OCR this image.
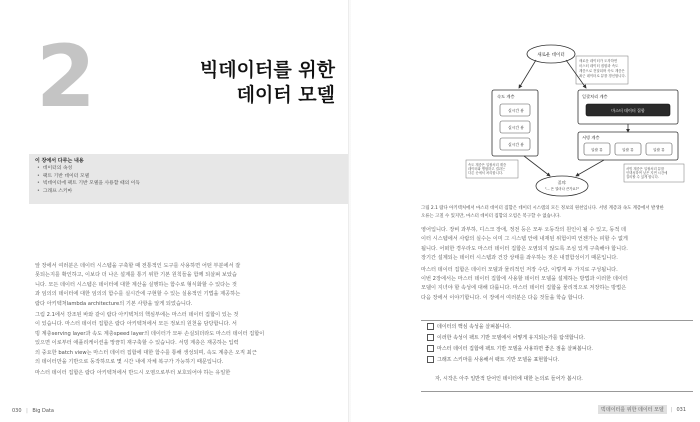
2	빅데이터를 위한
데이터 모델
이 장에서 다루는 내용
• 데이터의 속성
• 팩트 기반 데이터 모델
• 빅데이터에 팩트 기반 모델을 사용할 때의 이득
• 그래프 스키마

앞 장에서 여러분은 데이터 시스템을 구축할 때 전통적인 도구를 사용하면 어떤 부분에서 잘

못되는지를 확인하고, 이보다 더 나은 설계를 통기 위한 기본 원칙들을 함께 되살펴 보았습

니다. 모든 데이터 시스템은 데이터에 대한 계산을 실행하는 함수로 형식화할 수 있다는 것

과 임의의 데이터에 대한 임의의 함수를 실시간에 구현할 수 있는 실용적인 기법을 제공하는

람다 아키텍처lambda architecture의 기본 사항을 알게 되었습니다.

그림 2.1에서 강조된 바와 같이 람다 아키텍처의 핵심부에는 마스터 데이터 집합이 있는 것

이 있습니다. 마스터 데이터 집합은 람다 아키텍처에서 모든 정보의 원천을 담당합니다. 서

빙 계층serving layer과 속도 계층speed layer의 데이터가 모두 손실되더라도 마스터 데이터 집합이

있으면 이로부터 애플리케이션을 망끔히 재구축할 수 있습니다. 서빙 계층은 재공하는 입력

의 중요한 batch view는 마스터 데이터 집합에 대한 함수를 통해 생성되며, 속도 계층은 오직 최근

의 데이터만을 기반으로 동작하므로 몇 시간 내에 자체 복구가 가능하기 때문입니다.

마스터 데이터 집합은 람다 아키텍처에서 반드시 오염으로부터 보호되어야 하는 유일한

030 | Big Data
새로운 데이터
새로운 데이터가 도착하면
마스터 데이터 집합과 속도
계층으로 전달되며 속도 계층은
최근 데이터로 뷰를 갱신합니다.
속도 계층
실시간 뷰
실시간 뷰
실시간 뷰
일괄처리 계층
마스터 데이터 집합
서빙 계층
일괄 뷰	일괄 뷰	일괄 뷰
속도 계층은 일괄처리 계층
데이터와 병합하고 결과는
다른 곳에서 처리합니다.
서빙 계층은 일괄처리 뷰를
인덱싱하여 낮은 지연 시간에
질의할 수 있게 합니다.
질의:
"... 은 얼마나 큰가요?"

그림 2.1 람다 아키텍처에서 마스터 데이터 집합은 데이터 시스템의 모든 정보의 원천입니다. 서빙 계층과 속도 계층에서 발생한

오류는 고칠 수 있지만, 마스터 데이터 집합의 오염은 복구할 수 없습니다.

영어입니다. 장비 과부하, 디스크 장애, 정전 등은 모두 오동작의 원인이 될 수 있고, 동적 데

이터 시스템에서 사람의 실수는 이미 그 시스템 안에 내재된 위험이며 언젠가는 피할 수 없게

됩니다. 어떠한 경우라도 마스터 데이터 집합은 오염되지 않도록 조심 있게 구축해야 합니다.

장기간 설계되는 데이터 시스템과 건강 상태를 좌우하는 것은 내결함성이기 때문입니다.

마스터 데이터 집합은 데이터 모델과 물리적인 저장 수단, 이렇게 두 가지로 구성됩니다.

이번 2장에서는 마스터 데이터 집합에 사용할 데이터 모델을 설계하는 방법과 이러한 데이터

모델이 지녀야 할 속성에 대해 다룹니다. 마스터 데이터 집합을 물리적으로 저장하는 방법은

다음 장에서 이야기합니다. 이 장에서 여러분은 다음 것들을 학습 합니다.

데이터의 핵심 속성을 살펴봅니다.
이러한 속성이 팩트 기반 모델에서 어떻게 유지되는가를 탐색합니다.
마스터 데이터 집합에 팩트 기반 모델을 사용하면 좋은 점을 살펴봅니다.
그래프 스키마를 사용해서 팩트 기반 모델을 표현합니다.
자, 시작은 아주 일반적 단어인 데이터에 대한 논의로 들어가 봅시다.
빅데이터를 위한 데이터 모델	| 031
